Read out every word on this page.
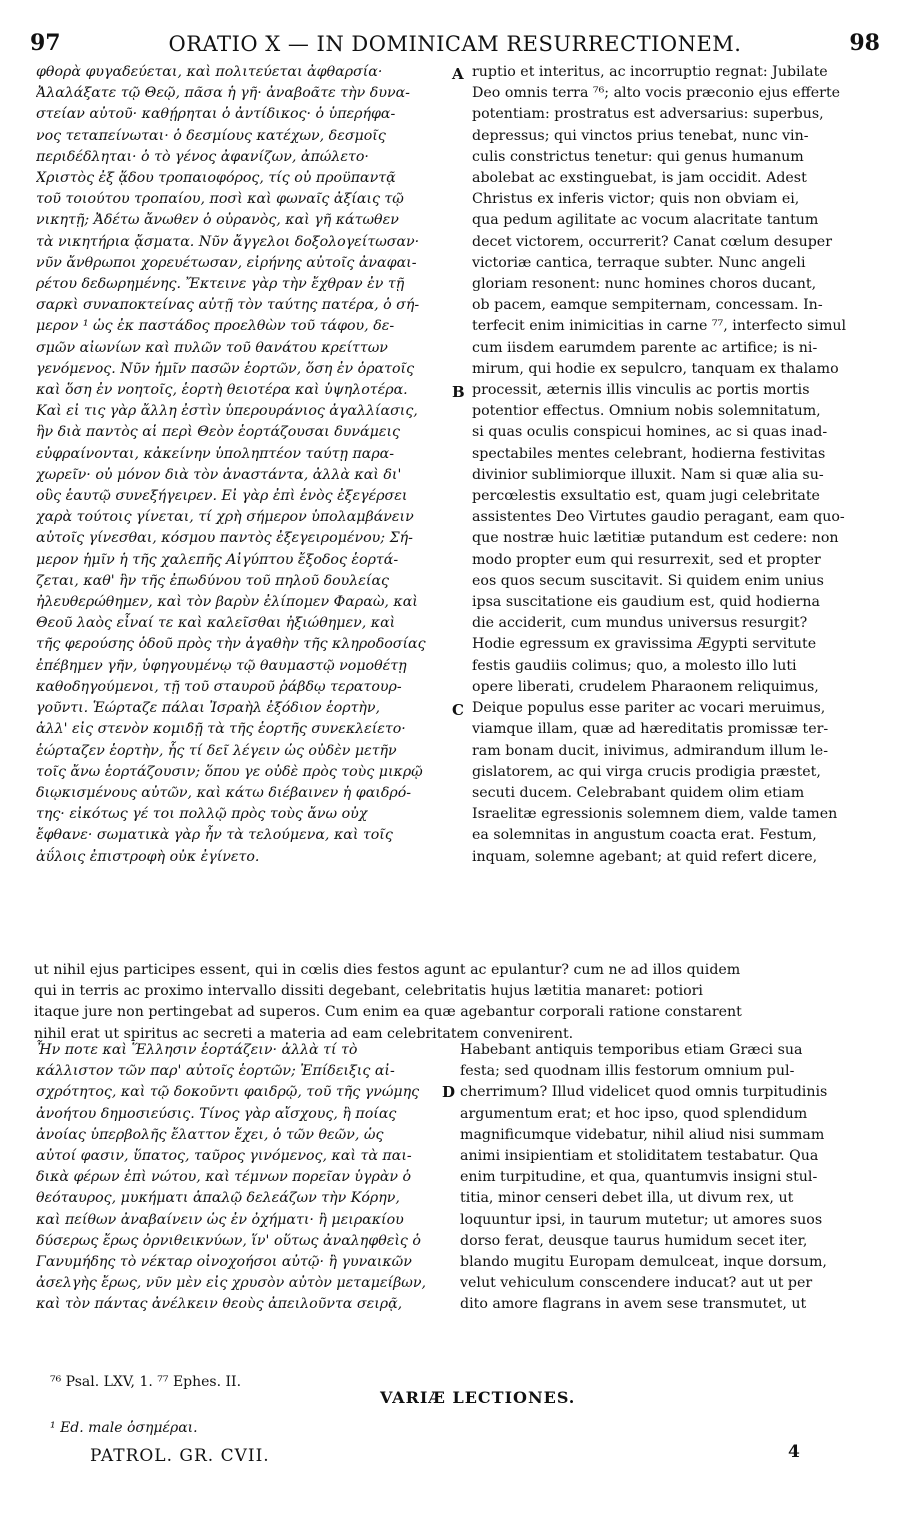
97	ORATIO X — IN DOMINICAM RESURRECTIONEM.	98
φθορὰ φυγαδεύεται, καὶ πολιτεύεται ἀφθαρσία·
Ἀλαλάξατε τῷ Θεῷ, πᾶσα ἡ γῆ· ἀναβοᾶτε τὴν δυνα-
στείαν αὐτοῦ· καθῄρηται ὁ ἀντίδικος· ὁ ὑπερήφα-
νος τεταπείνωται· ὁ δεσμίους κατέχων, δεσμοῖς
περιδέδληται· ὁ τὸ γένος ἀφανίζων, ἀπώλετο·
Χριστὸς ἐξ ᾅδου τροπαιοφόρος, τίς οὐ προϋπαντᾷ
τοῦ τοιούτου τροπαίου, ποσὶ καὶ φωναῖς ἀξίαις τῷ
νικητῇ; Ἀδέτω ἄνωθεν ὁ οὐρανὸς, καὶ γῆ κάτωθεν
τὰ νικητήρια ᾄσματα. Νῦν ἄγγελοι δοξολογείτωσαν·
νῦν ἄνθρωποι χορευέτωσαν, εἰρήνης αὐτοῖς ἀναφαι-
ρέτου δεδωρημένης. Ἔκτεινε γὰρ τὴν ἔχθραν ἐν τῇ
σαρκὶ συναποκτείνας αὐτῇ τὸν ταύτης πατέρα, ὁ σή-
μερον ¹ ὡς ἐκ παστάδος προελθὼν τοῦ τάφου, δε-
σμῶν αἰωνίων καὶ πυλῶν τοῦ θανάτου κρείττων
γενόμενος. Νῦν ἡμῖν πασῶν ἑορτῶν, ὅση ἐν ὁρατοῖς
καὶ ὅση ἐν νοητοῖς, ἑορτὴ θειοτέρα καὶ ὑψηλοτέρα.
Καὶ εἰ τις γὰρ ἄλλη ἐστὶν ὑπερουράνιος ἀγαλλίασις,
ἣν διὰ παντὸς αἱ περὶ Θεὸν ἑορτάζουσαι δυνάμεις
εὐφραίνονται, κἀκείνην ὑποληπτέον ταύτῃ παρα-
χωρεῖν· οὐ μόνον διὰ τὸν ἀναστάντα, ἀλλὰ καὶ δι'
οὓς ἑαυτῷ συνεξήγειρεν. Εἰ γὰρ ἐπὶ ἑνὸς ἐξεγέρσει
χαρὰ τούτοις γίνεται, τί χρὴ σήμερον ὑπολαμβάνειν
αὐτοῖς γίνεσθαι, κόσμου παντὸς ἐξεγειρομένου; Σή-
μερον ἡμῖν ἡ τῆς χαλεπῆς Αἰγύπτου ἔξοδος ἑορτά-
ζεται, καθ' ἣν τῆς ἐπωδύνου τοῦ πηλοῦ δουλείας
ἠλευθερώθημεν, καὶ τὸν βαρὺν ἐλίπομεν Φαραὼ, καὶ
Θεοῦ λαὸς εἶναί τε καὶ καλεῖσθαι ἠξιώθημεν, καὶ
τῆς φερούσης ὁδοῦ πρὸς τὴν ἀγαθὴν τῆς κληροδοσίας
ἐπέβημεν γῆν, ὑφηγουμένῳ τῷ θαυμαστῷ νομοθέτῃ
καθοδηγούμενοι, τῇ τοῦ σταυροῦ ῥάβδῳ τερατουρ-
γοῦντι. Ἑώρταζε πάλαι Ἰσραὴλ ἐξόδιον ἑορτὴν,
ἀλλ' εἰς στενὸν κομιδῇ τὰ τῆς ἑορτῆς συνεκλείετο·
ἑώρταζεν ἑορτὴν, ἧς τί δεῖ λέγειν ὡς οὐδὲν μετῆν
τοῖς ἄνω ἑορτάζουσιν; ὅπου γε οὐδὲ πρὸς τοὺς μικρῷ
διῳκισμένους αὐτῶν, καὶ κάτω διέβαινεν ἡ φαιδρό-
της· εἰκότως γέ τοι πολλῷ πρὸς τοὺς ἄνω οὐχ
ἔφθανε· σωματικὰ γὰρ ἦν τὰ τελούμενα, καὶ τοῖς
ἀΰλοις ἐπιστροφὴ οὐκ ἐγίνετο.
ruptio et interitus, ac incorruptio regnat: Jubilate
Deo omnis terra ⁷⁶; alto vocis præconio ejus efferte
potentiam: prostratus est adversarius: superbus,
depressus; qui vinctos prius tenebat, nunc vin-
culis constrictus tenetur: qui genus humanum
abolebat ac exstinguebat, is jam occidit. Adest
Christus ex inferis victor; quis non obviam ei,
qua pedum agilitate ac vocum alacritate tantum
decet victorem, occurrerit? Canat cœlum desuper
victoriæ cantica, terraque subter. Nunc angeli
gloriam resonent: nunc homines choros ducant,
ob pacem, eamque sempiternam, concessam. In-
terfecit enim inimicitias in carne ⁷⁷, interfecto simul
cum iisdem earumdem parente ac artifice; is ni-
mirum, qui hodie ex sepulcro, tanquam ex thalamo
processit, æternis illis vinculis ac portis mortis
potentior effectus. Omnium nobis solemnitatum,
si quas oculis conspicui homines, ac si quas inad-
spectabiles mentes celebrant, hodierna festivitas
divinior sublimiorque illuxit. Nam si quæ alia su-
percœlestis exsultatio est, quam jugi celebritate
assistentes Deo Virtutes gaudio peragant, eam quo-
que nostræ huic lætitiæ putandum est cedere: non
modo propter eum qui resurrexit, sed et propter
eos quos secum suscitavit. Si quidem enim unius
ipsa suscitatione eis gaudium est, quid hodierna
die acciderit, cum mundus universus resurgit?
Hodie egressum ex gravissima Ægypti servitute
festis gaudiis colimus; quo, a molesto illo luti
opere liberati, crudelem Pharaonem reliquimus,
Deique populus esse pariter ac vocari meruimus,
viamque illam, quæ ad hæreditatis promissæ ter-
ram bonam ducit, inivimus, admirandum illum le-
gislatorem, ac qui virga crucis prodigia præstet,
secuti ducem. Celebrabant quidem olim etiam
Israelitæ egressionis solemnem diem, valde tamen
ea solemnitas in angustum coacta erat. Festum,
inquam, solemne agebant; at quid refert dicere,
A
B
C
D
ut nihil ejus participes essent, qui in cœlis dies festos agunt ac epulantur? cum ne ad illos quidem
qui in terris ac proximo intervallo dissiti degebant, celebritatis hujus lætitia manaret: potiori
itaque jure non pertingebat ad superos. Cum enim ea quæ agebantur corporali ratione constarent
nihil erat ut spiritus ac secreti a materia ad eam celebritatem convenirent.
Ἦν ποτε καὶ Ἕλλησιν ἑορτάζειν· ἀλλὰ τί τὸ
κάλλιστον τῶν παρ' αὐτοῖς ἑορτῶν; Ἐπίδειξις αἰ-
σχρότητος, καὶ τῷ δοκοῦντι φαιδρῷ, τοῦ τῆς γνώμης
ἀνοήτου δημοσιεύσις. Τίνος γὰρ αἴσχους, ἢ ποίας
ἀνοίας ὑπερβολῆς ἔλαττον ἔχει, ὁ τῶν θεῶν, ὡς
αὐτοί φασιν, ὕπατος, ταῦρος γινόμενος, καὶ τὰ παι-
δικὰ φέρων ἐπὶ νώτου, καὶ τέμνων πορεῖαν ὑγρὰν ὁ
θεόταυρος, μυκήματι ἁπαλῷ δελεάζων τὴν Κόρην,
καὶ πείθων ἀναβαίνειν ὡς ἐν ὀχήματι· ἢ μειρακίου
δύσερως ἔρως ὀρνιθεικνύων, ἵν' οὕτως ἀναληφθεὶς ὁ
Γανυμήδης τὸ νέκταρ οἰνοχοήσοι αὐτῷ· ἢ γυναικῶν
ἀσελγὴς ἔρως, νῦν μὲν εἰς χρυσὸν αὐτὸν μεταμείβων,
καὶ τὸν πάντας ἀνέλκειν θεοὺς ἀπειλοῦντα σειρᾷ,
Habebant antiquis temporibus etiam Græci sua
festa; sed quodnam illis festorum omnium pul-
cherrimum? Illud videlicet quod omnis turpitudinis
argumentum erat; et hoc ipso, quod splendidum
magnificumque videbatur, nihil aliud nisi summam
animi insipientiam et stoliditatem testabatur. Qua
enim turpitudine, et qua, quantumvis insigni stul-
titia, minor censeri debet illa, ut divum rex, ut
loquuntur ipsi, in taurum mutetur; ut amores suos
dorso ferat, deusque taurus humidum secet iter,
blando mugitu Europam demulceat, inque dorsum,
velut vehiculum conscendere inducat? aut ut per
dito amore flagrans in avem sese transmutet, ut
⁷⁶ Psal. LXV, 1. ⁷⁷ Ephes. II.
VARIÆ LECTIONES.
¹ Ed. male ὁσημέραι.
PATROL. GR. CVII.	4
